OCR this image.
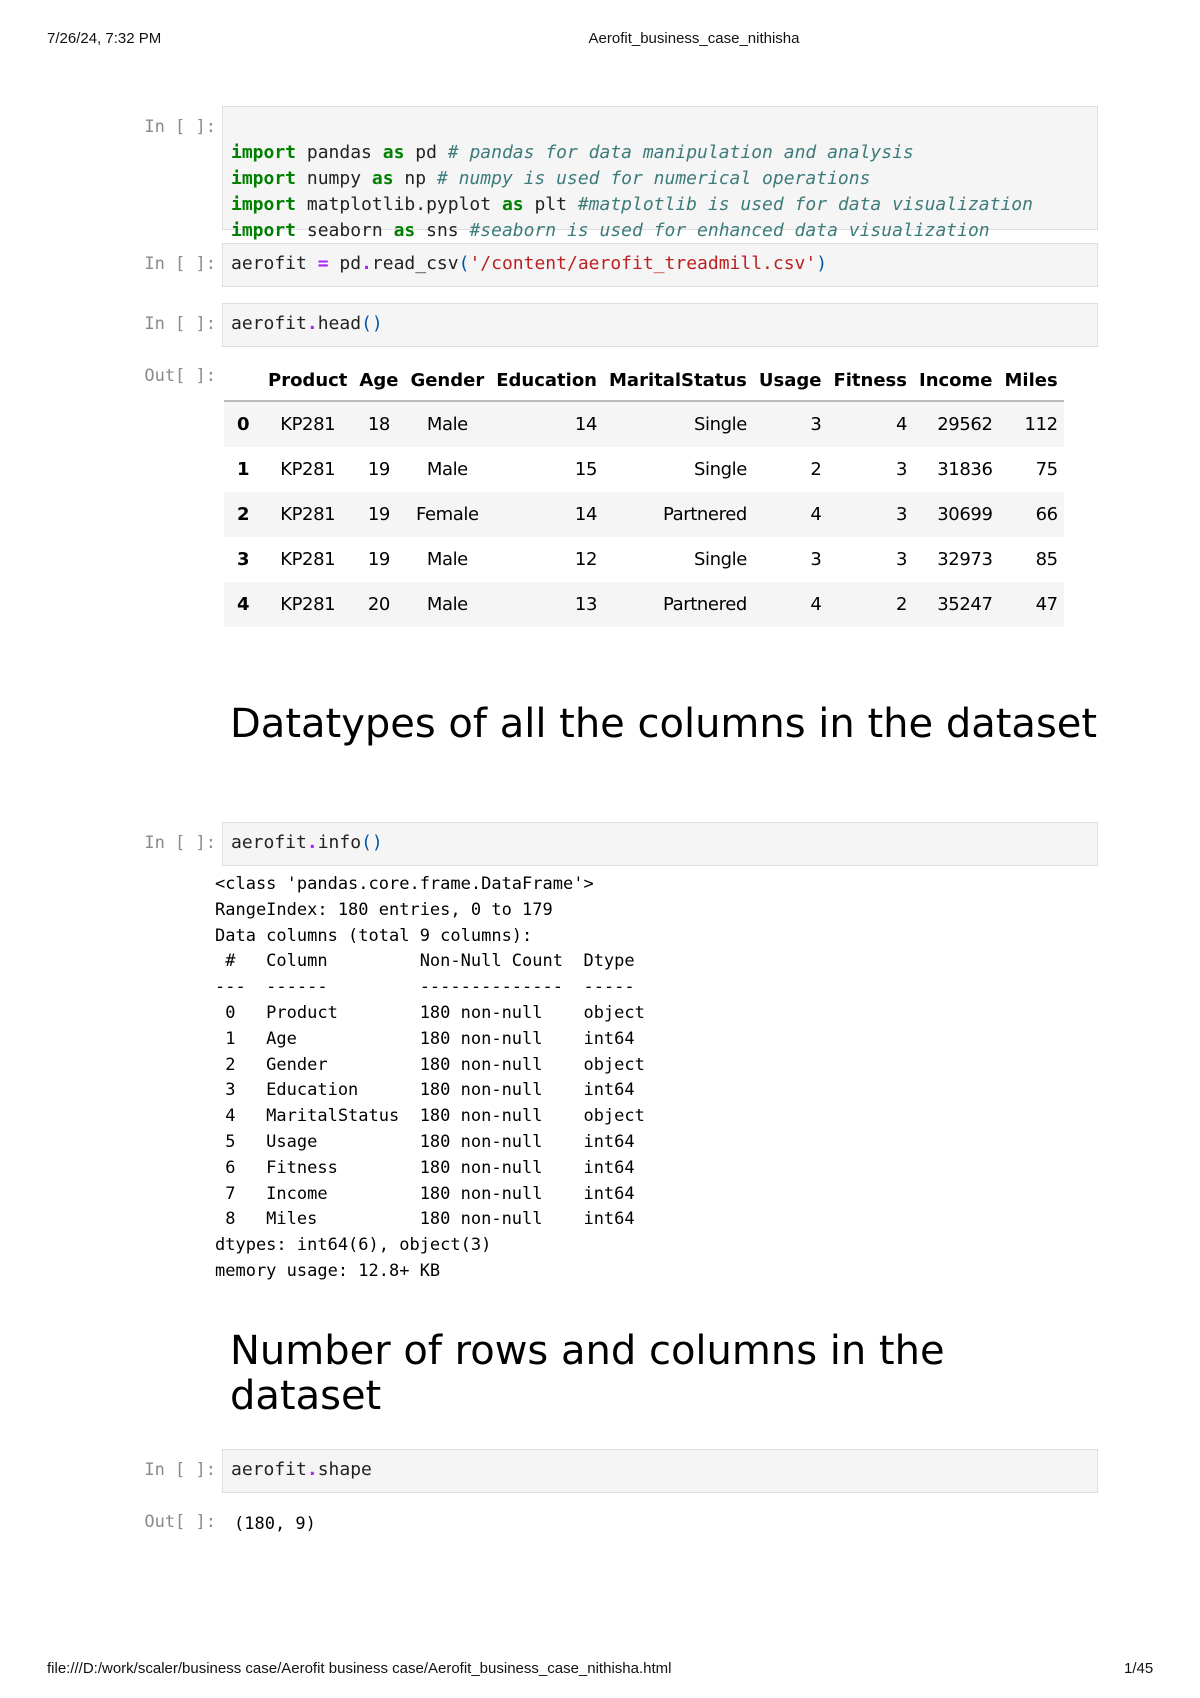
7/26/24, 7:32 PM	Aerofit_business_case_nithisha
In [ ]:

import pandas as pd # pandas for data manipulation and analysis
import numpy as np # numpy is used for numerical operations
import matplotlib.pyplot as plt #matplotlib is used for data visualization
import seaborn as sns #seaborn is used for enhanced data visualization

In [ ]: aerofit = pd.read_csv('/content/aerofit_treadmill.csv')
In [ ]: aerofit.head()
Out[ ]:
		Product	Age	Gender	Education	MaritalStatus	Usage	Fitness	Income	Miles
0	KP281	18	Male	14	Single	3	4	29562	112
1	KP281	19	Male	15	Single	2	3	31836	75
2	KP281	19	Female	14	Partnered	4	3	30699	66
3	KP281	19	Male	12	Single	3	3	32973	85
4	KP281	20	Male	13	Partnered	4	2	35247	47
Datatypes of all the columns in the dataset
In [ ]: aerofit.info()
<class 'pandas.core.frame.DataFrame'>
RangeIndex: 180 entries, 0 to 179
Data columns (total 9 columns):
#   Column         Non-Null Count  Dtype
---  ------         --------------  -----
0   Product        180 non-null    object
1   Age            180 non-null    int64
2   Gender         180 non-null    object
3   Education      180 non-null    int64
4   MaritalStatus  180 non-null    object
5   Usage          180 non-null    int64
6   Fitness        180 non-null    int64
7   Income         180 non-null    int64
8   Miles          180 non-null    int64
dtypes: int64(6), object(3)
memory usage: 12.8+ KB
Number of rows and columns in the dataset
In [ ]: aerofit.shape
Out[ ]: (180, 9)
file:///D:/work/scaler/business case/Aerofit business case/Aerofit_business_case_nithisha.html	1/45
